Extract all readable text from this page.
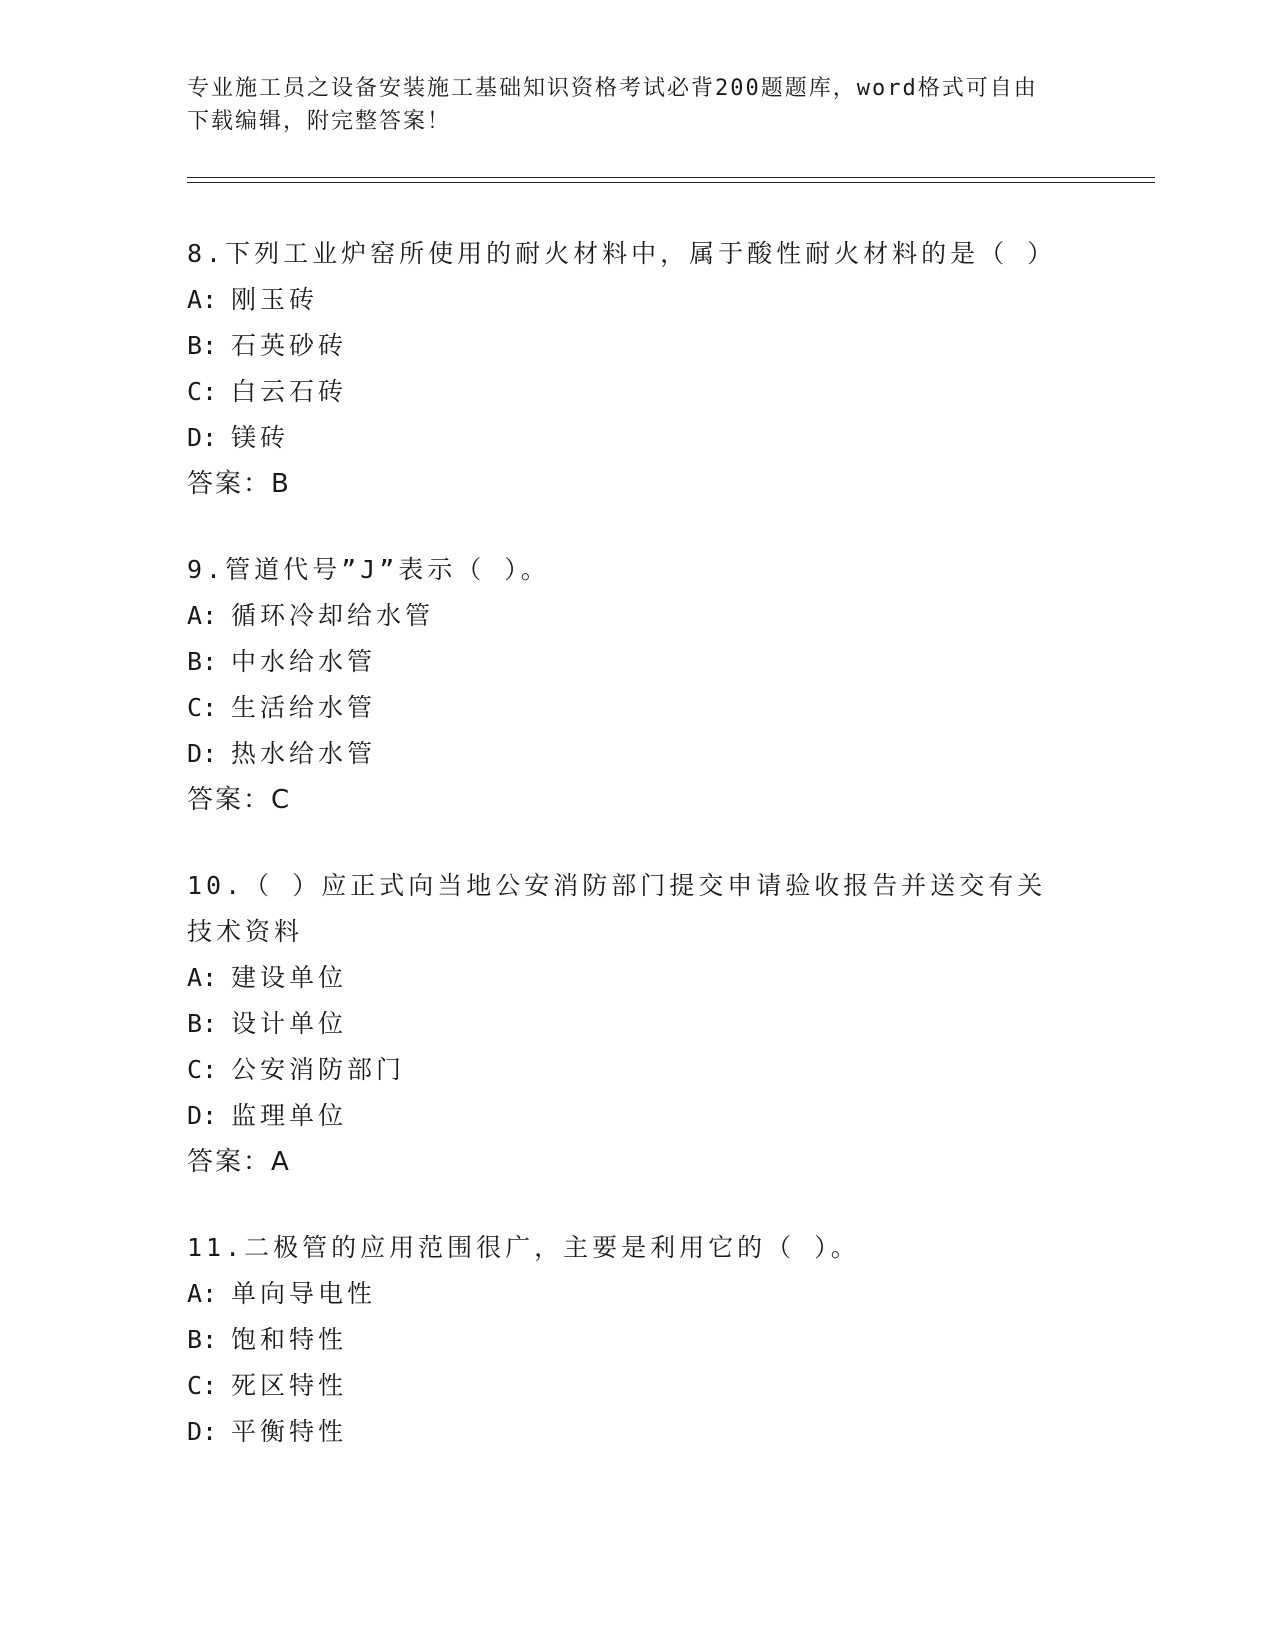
专业施工员之设备安装施工基础知识资格考试必背200题题库，word格式可自由
下载编辑，附完整答案！

8.下列工业炉窑所使用的耐火材料中，属于酸性耐火材料的是（ ）

A: 刚玉砖

B: 石英砂砖

C: 白云石砖

D: 镁砖

答案：B

9.管道代号”J”表示（ ）。

A: 循环冷却给水管

B: 中水给水管

C: 生活给水管

D: 热水给水管

答案：C

10.（ ）应正式向当地公安消防部门提交申请验收报告并送交有关技术资料

A: 建设单位

B: 设计单位

C: 公安消防部门

D: 监理单位

答案：A

11.二极管的应用范围很广，主要是利用它的（ ）。

A: 单向导电性

B: 饱和特性

C: 死区特性

D: 平衡特性
